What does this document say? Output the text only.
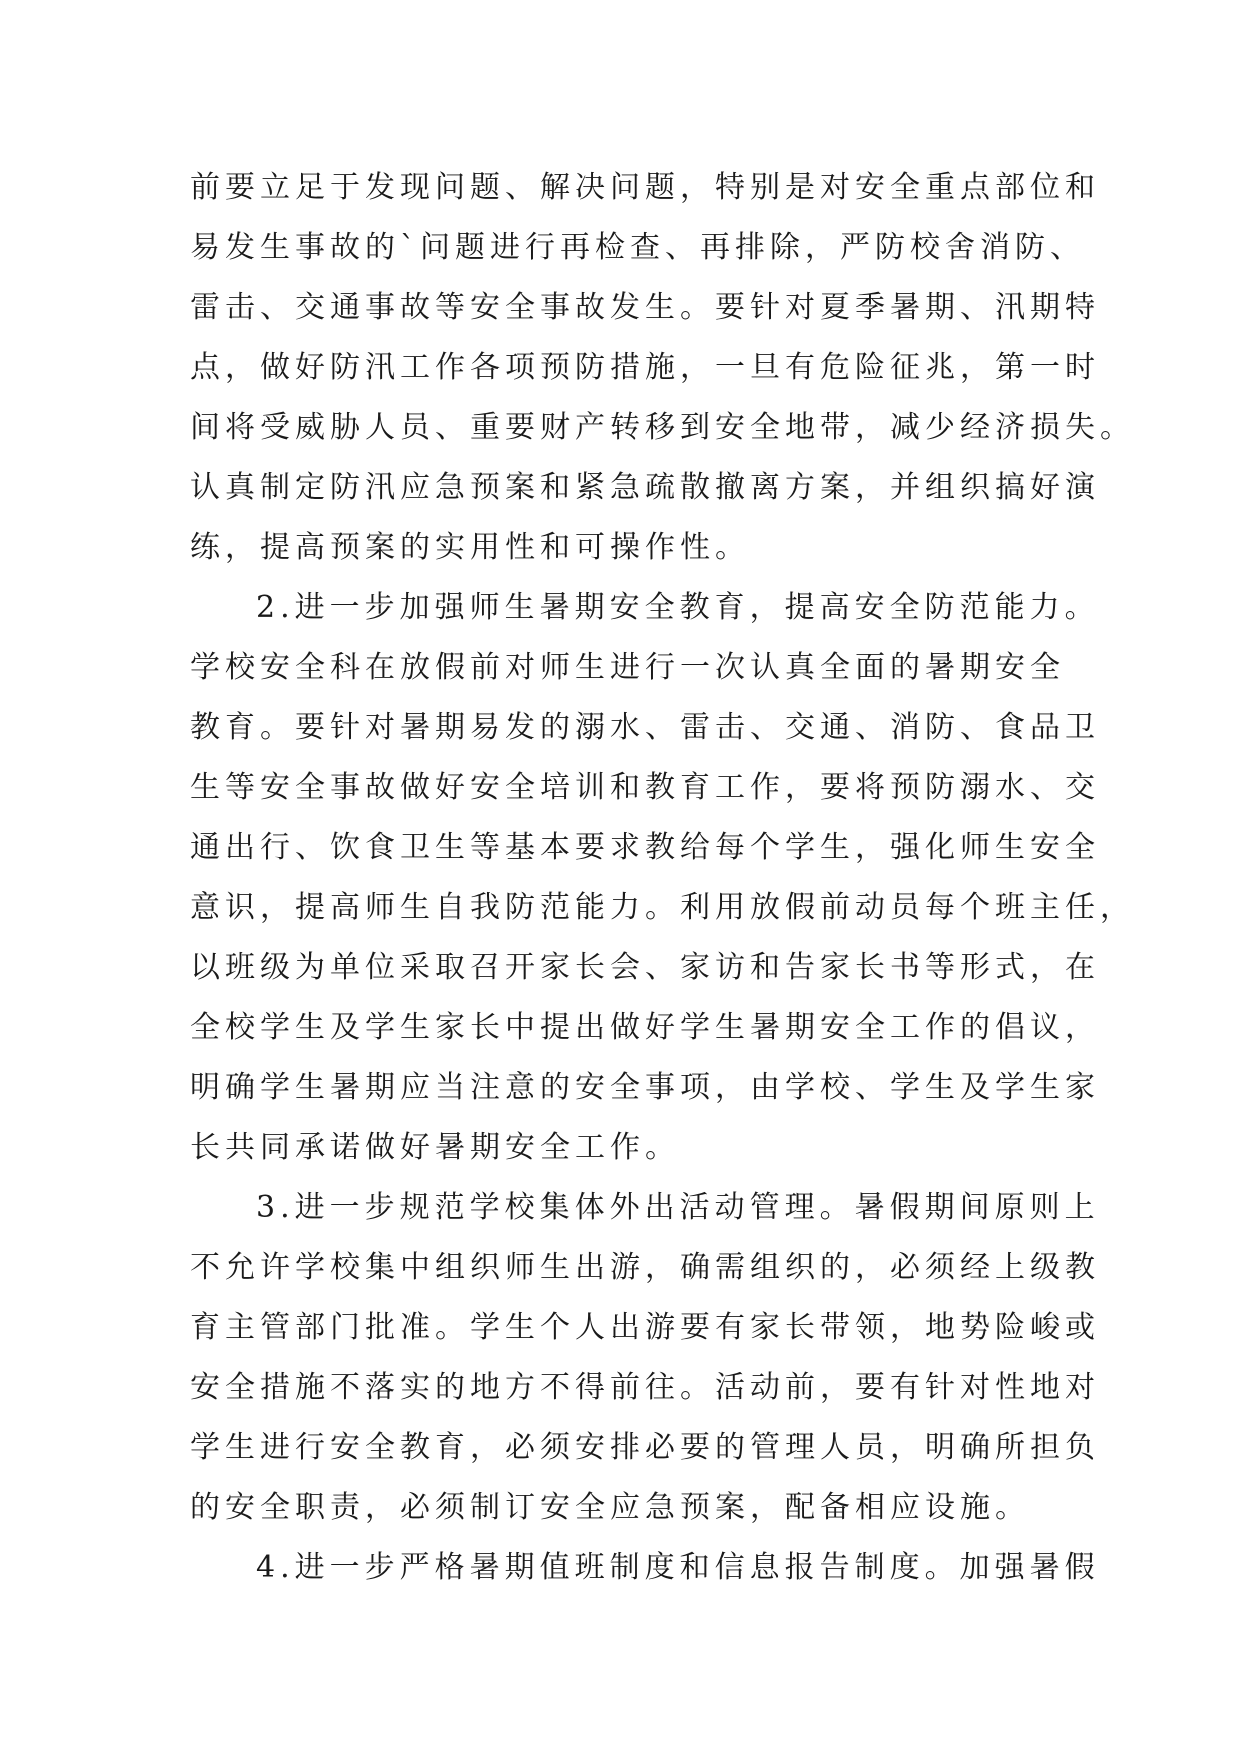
前要立足于发现问题、解决问题，特别是对安全重点部位和
易发生事故的`问题进行再检查、再排除，严防校舍消防、
雷击、交通事故等安全事故发生。要针对夏季暑期、汛期特
点，做好防汛工作各项预防措施，一旦有危险征兆，第一时
间将受威胁人员、重要财产转移到安全地带，减少经济损失。
认真制定防汛应急预案和紧急疏散撤离方案，并组织搞好演
练，提高预案的实用性和可操作性。
2.进一步加强师生暑期安全教育，提高安全防范能力。
学校安全科在放假前对师生进行一次认真全面的暑期安全
教育。要针对暑期易发的溺水、雷击、交通、消防、食品卫
生等安全事故做好安全培训和教育工作，要将预防溺水、交
通出行、饮食卫生等基本要求教给每个学生，强化师生安全
意识，提高师生自我防范能力。利用放假前动员每个班主任，
以班级为单位采取召开家长会、家访和告家长书等形式，在
全校学生及学生家长中提出做好学生暑期安全工作的倡议，
明确学生暑期应当注意的安全事项，由学校、学生及学生家
长共同承诺做好暑期安全工作。
3.进一步规范学校集体外出活动管理。暑假期间原则上
不允许学校集中组织师生出游，确需组织的，必须经上级教
育主管部门批准。学生个人出游要有家长带领，地势险峻或
安全措施不落实的地方不得前往。活动前，要有针对性地对
学生进行安全教育，必须安排必要的管理人员，明确所担负
的安全职责，必须制订安全应急预案，配备相应设施。
4.进一步严格暑期值班制度和信息报告制度。加强暑假
